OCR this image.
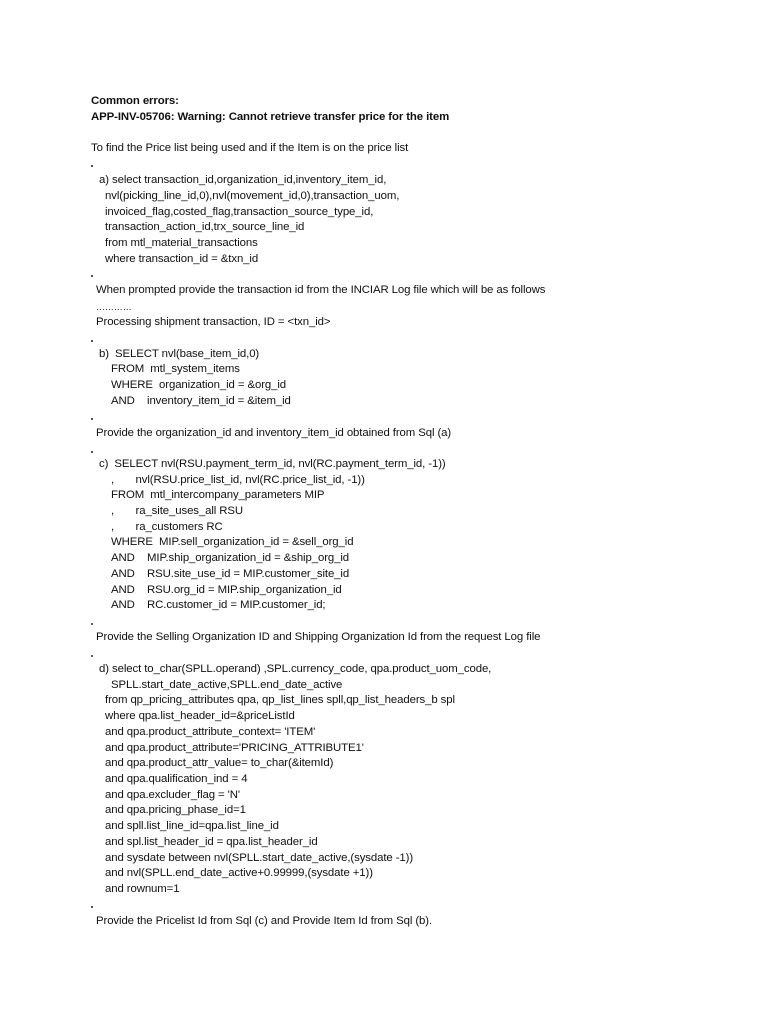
Common errors:
APP-INV-05706: Warning: Cannot retrieve transfer price for the item
To find the Price list being used and if the Item is on the price list
a) select transaction_id,organization_id,inventory_item_id,
nvl(picking_line_id,0),nvl(movement_id,0),transaction_uom,
invoiced_flag,costed_flag,transaction_source_type_id,
transaction_action_id,trx_source_line_id
from mtl_material_transactions
where transaction_id = &txn_id
When prompted provide the transaction id from the INCIAR Log file which will be as follows
…………
Processing shipment transaction, ID = <txn_id>
b)  SELECT nvl(base_item_id,0)
FROM  mtl_system_items
WHERE  organization_id = &org_id
AND    inventory_item_id = &item_id
Provide the organization_id and inventory_item_id obtained from Sql (a)
c)  SELECT nvl(RSU.payment_term_id, nvl(RC.payment_term_id, -1))
,       nvl(RSU.price_list_id, nvl(RC.price_list_id, -1))
FROM  mtl_intercompany_parameters MIP
,       ra_site_uses_all RSU
,       ra_customers RC
WHERE  MIP.sell_organization_id = &sell_org_id
AND    MIP.ship_organization_id = &ship_org_id
AND    RSU.site_use_id = MIP.customer_site_id
AND    RSU.org_id = MIP.ship_organization_id
AND    RC.customer_id = MIP.customer_id;
Provide the Selling Organization ID and Shipping Organization Id from the request Log file
d) select to_char(SPLL.operand) ,SPL.currency_code, qpa.product_uom_code,
SPLL.start_date_active,SPLL.end_date_active
from qp_pricing_attributes qpa, qp_list_lines spll,qp_list_headers_b spl
where qpa.list_header_id=&priceListId
and qpa.product_attribute_context= 'ITEM'
and qpa.product_attribute='PRICING_ATTRIBUTE1'
and qpa.product_attr_value= to_char(&itemId)
and qpa.qualification_ind = 4
and qpa.excluder_flag = 'N'
and qpa.pricing_phase_id=1
and spll.list_line_id=qpa.list_line_id
and spl.list_header_id = qpa.list_header_id
and sysdate between nvl(SPLL.start_date_active,(sysdate -1))
and nvl(SPLL.end_date_active+0.99999,(sysdate +1))
and rownum=1
Provide the Pricelist Id from Sql (c) and Provide Item Id from Sql (b).
